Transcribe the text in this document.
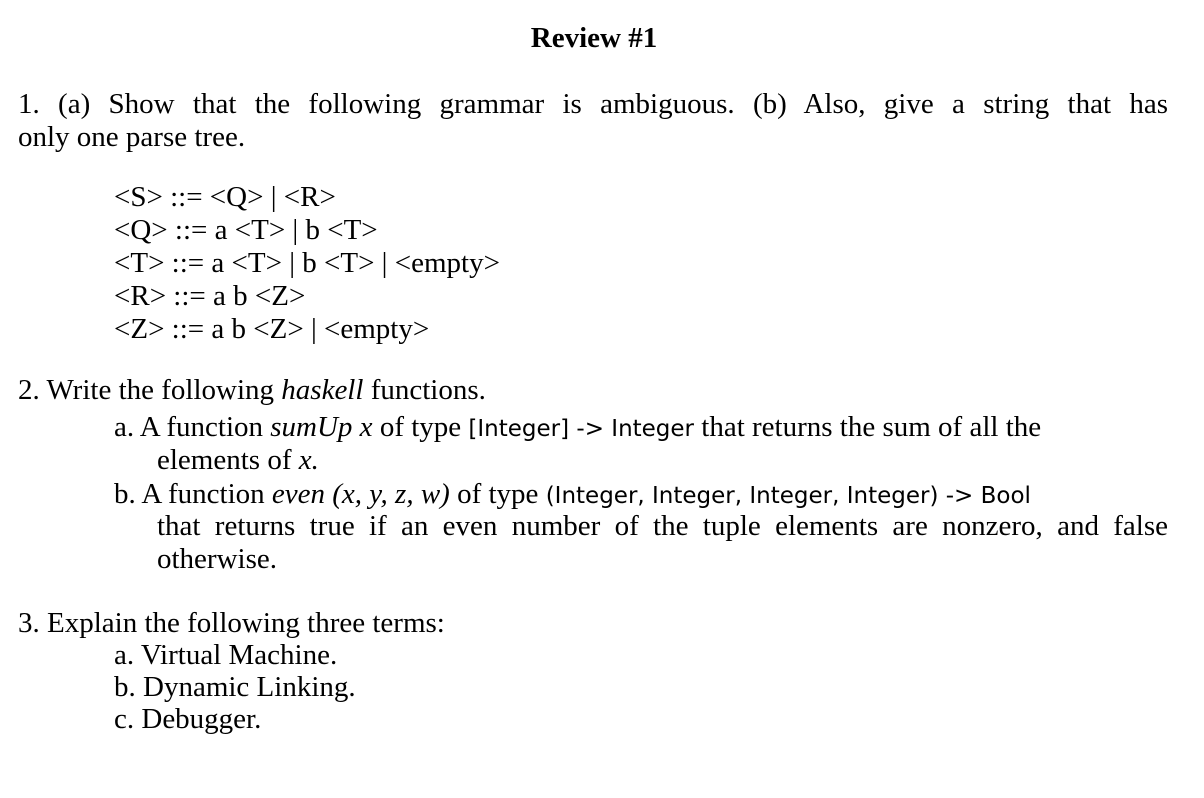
Review #1
1. (a) Show that the following grammar is ambiguous. (b) Also, give a string that has
only one parse tree.
<S> ::= <Q> | <R>
<Q> ::= a <T> | b <T>
<T> ::= a <T> | b <T> | <empty>
<R> ::= a b <Z>
<Z> ::= a b <Z> | <empty>
2. Write the following haskell functions.
a. A function sumUp x of type [Integer] -> Integer that returns the sum of all the
elements of x.
b. A function even (x, y, z, w) of type (Integer, Integer, Integer, Integer) -> Bool
that returns true if an even number of the tuple elements are nonzero, and false
otherwise.
3. Explain the following three terms:
a. Virtual Machine.
b. Dynamic Linking.
c. Debugger.
